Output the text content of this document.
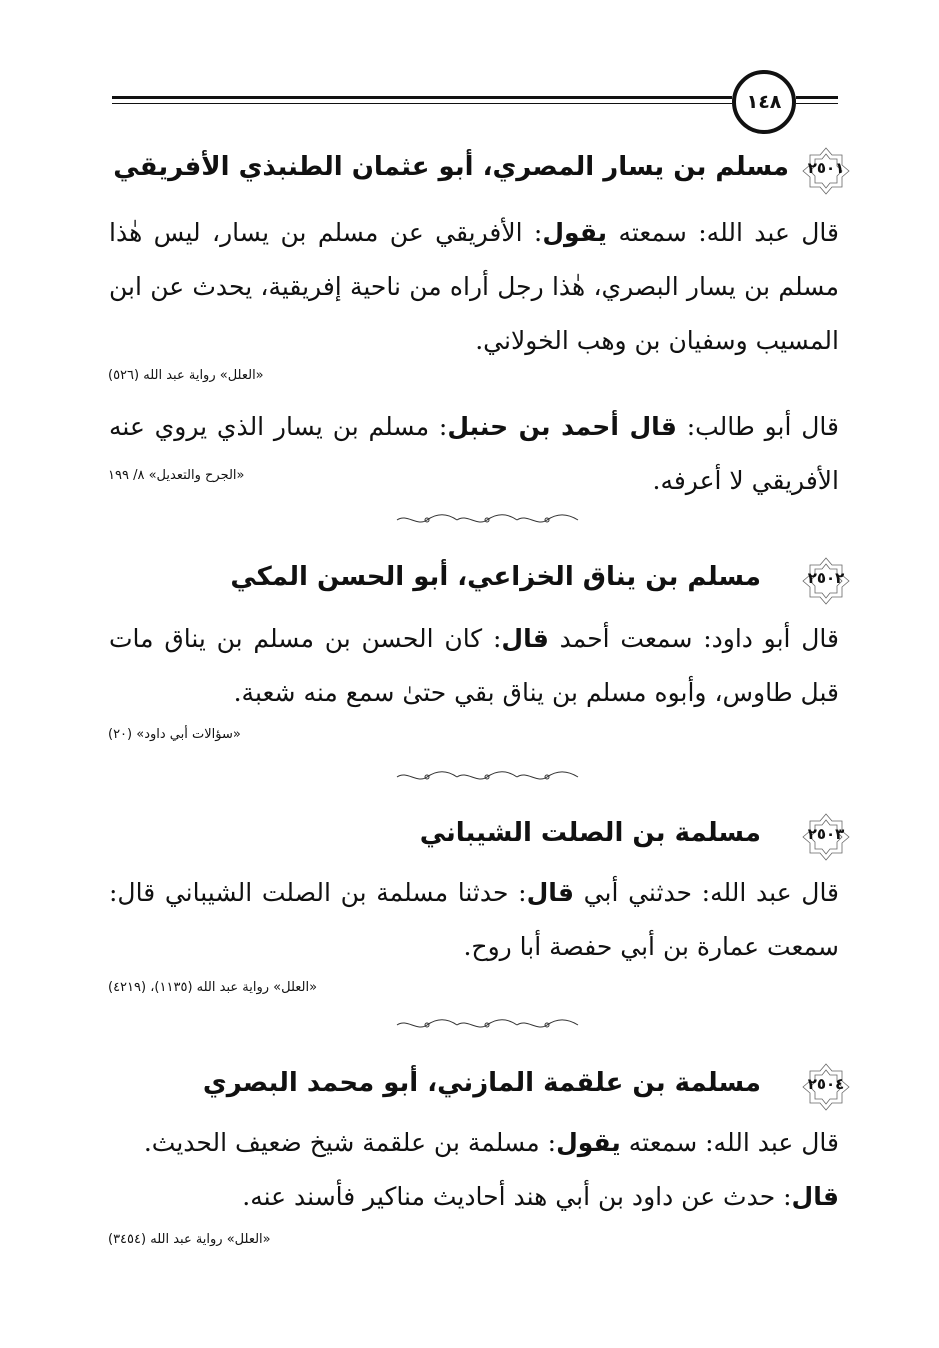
١٤٨
٢٥٠١
مسلم بن يسار المصري، أبو عثمان الطنبذي الأفريقي
قال عبد الله: سمعته يقول: الأفريقي عن مسلم بن يسار، ليس هٰذا مسلم بن يسار البصري، هٰذا رجل أراه من ناحية إفريقية، يحدث عن ابن المسيب وسفيان بن وهب الخولاني.
«العلل» رواية عبد الله (٥٢٦)
قال أبو طالب: قال أحمد بن حنبل: مسلم بن يسار الذي يروي عنه الأفريقي لا أعرفه.
«الجرح والتعديل» ٨/ ١٩٩
٢٥٠٢
مسلم بن يناق الخزاعي، أبو الحسن المكي
قال أبو داود: سمعت أحمد قال: كان الحسن بن مسلم بن يناق مات قبل طاوس، وأبوه مسلم بن يناق بقي حتىٰ سمع منه شعبة.
«سؤالات أبي داود» (٢٠)
٢٥٠٣
مسلمة بن الصلت الشيباني
قال عبد الله: حدثني أبي قال: حدثنا مسلمة بن الصلت الشيباني قال: سمعت عمارة بن أبي حفصة أبا روح.
«العلل» رواية عبد الله (١١٣٥)، (٤٢١٩)
٢٥٠٤
مسلمة بن علقمة المازني، أبو محمد البصري
قال عبد الله: سمعته يقول: مسلمة بن علقمة شيخ ضعيف الحديث.
قال: حدث عن داود بن أبي هند أحاديث مناكير فأسند عنه.
«العلل» رواية عبد الله (٣٤٥٤)
